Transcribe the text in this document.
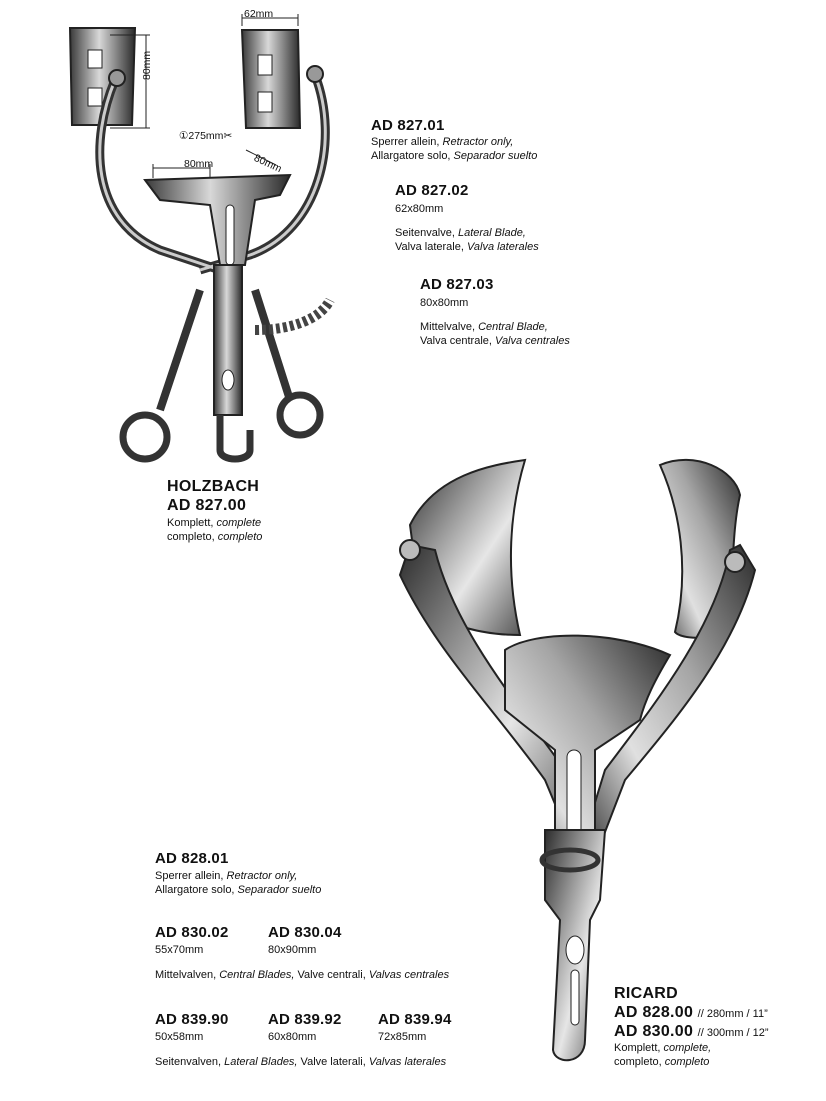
62mm
80mm
①275mm✂
80mm	80mm
HOLZBACH
AD 827.00
Komplett, complete
completo, completo
AD 827.01
Sperrer allein, Retractor only,
Allargatore solo, Separador suelto
AD 827.02
62x80mm
Seitenvalve, Lateral Blade,
Valva laterale, Valva laterales
AD 827.03
80x80mm
Mittelvalve, Central Blade,
Valva centrale, Valva centrales
AD 828.01
Sperrer allein, Retractor only,
Allargatore solo, Separador suelto
AD 830.02
55x70mm
AD 830.04
80x90mm
Mittelvalven, Central Blades, Valve centrali, Valvas centrales
AD 839.90
50x58mm
AD 839.92
60x80mm
AD 839.94
72x85mm
Seitenvalven, Lateral Blades, Valve laterali, Valvas laterales
RICARD
AD 828.00 // 280mm / 11”
AD 830.00 // 300mm / 12”
Komplett, complete,
completo, completo
